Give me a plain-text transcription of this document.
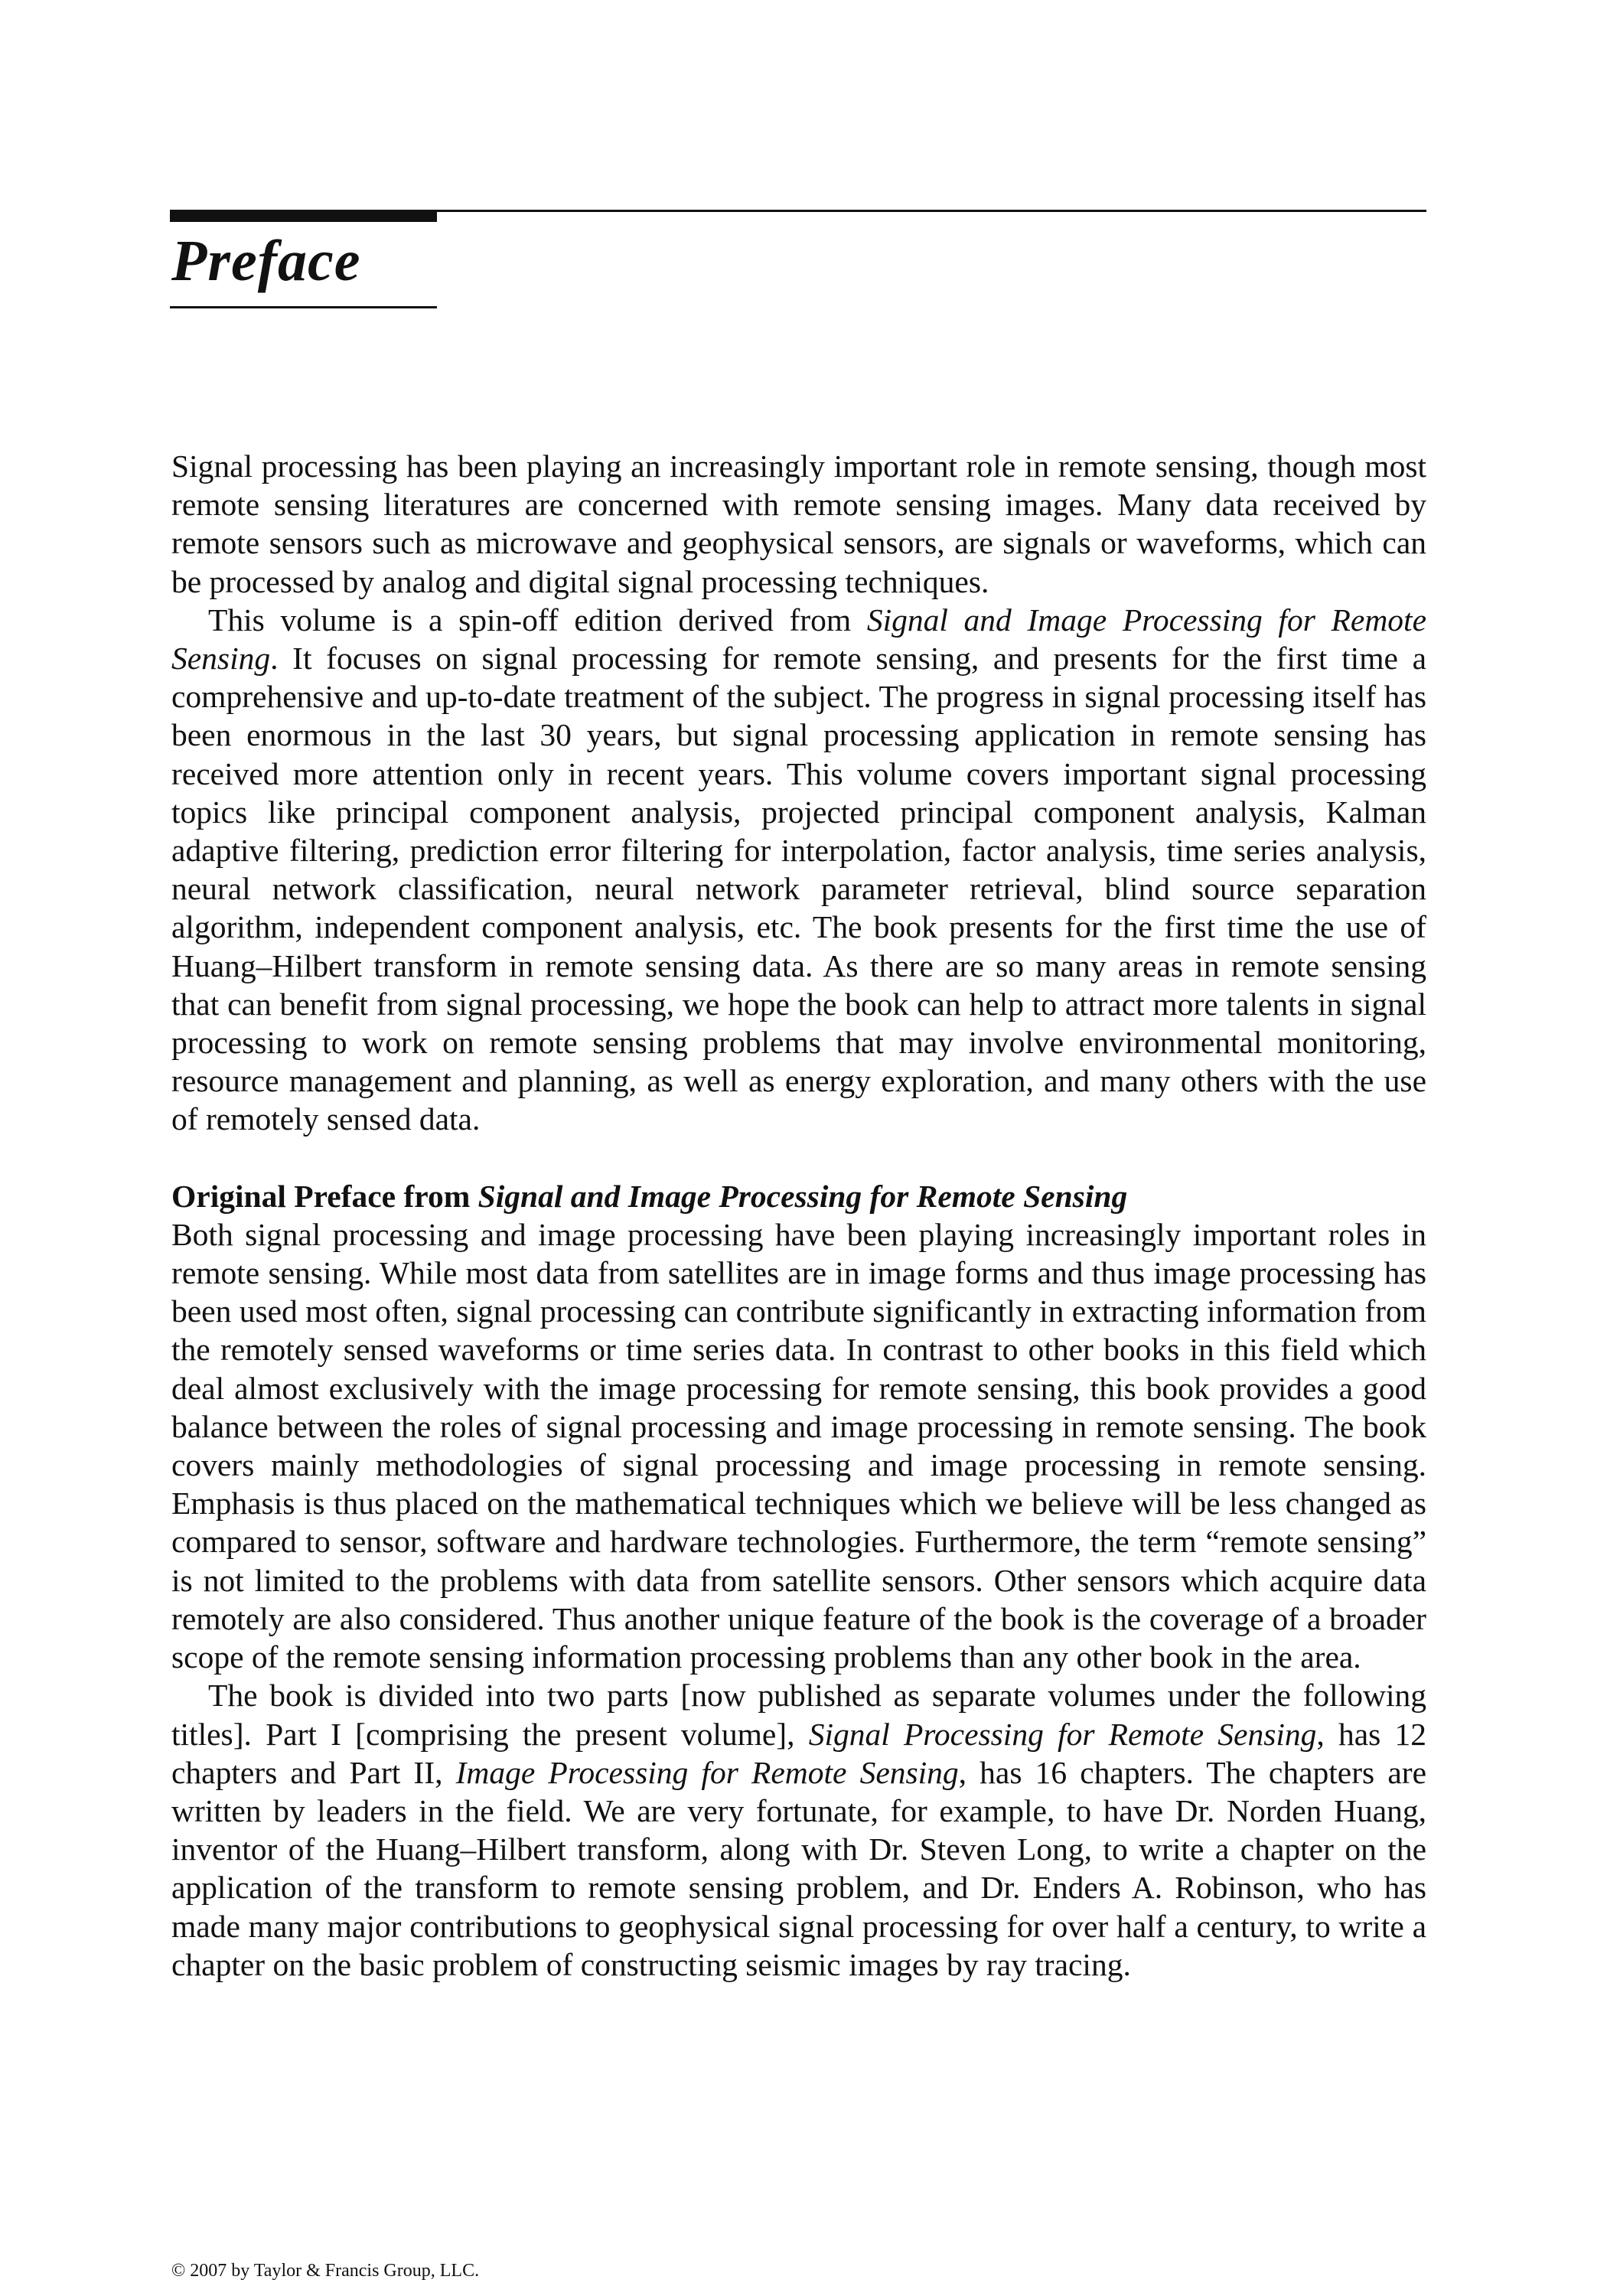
Preface

Signal processing has been playing an increasingly important role in remote sensing, though most remote sensing literatures are concerned with remote sensing images. Many data received by remote sensors such as microwave and geophysical sensors, are signals or waveforms, which can be processed by analog and digital signal processing techniques.

This volume is a spin-off edition derived from Signal and Image Processing for Remote Sensing. It focuses on signal processing for remote sensing, and presents for the first time a comprehensive and up-to-date treatment of the subject. The progress in signal processing itself has been enormous in the last 30 years, but signal processing application in remote sensing has received more attention only in recent years. This volume covers important signal processing topics like principal component analysis, projected principal component analysis, Kalman adaptive filtering, prediction error filtering for interpolation, factor analysis, time series analysis, neural network classification, neural network parameter retrieval, blind source separation algorithm, independent component analysis, etc. The book presents for the first time the use of Huang–Hilbert transform in remote sensing data. As there are so many areas in remote sensing that can benefit from signal processing, we hope the book can help to attract more talents in signal processing to work on remote sensing problems that may involve environmental monitoring, resource management and planning, as well as energy exploration, and many others with the use of remotely sensed data.

Original Preface from Signal and Image Processing for Remote Sensing

Both signal processing and image processing have been playing increasingly important roles in remote sensing. While most data from satellites are in image forms and thus image processing has been used most often, signal processing can contribute significantly in extracting information from the remotely sensed waveforms or time series data. In contrast to other books in this field which deal almost exclusively with the image processing for remote sensing, this book provides a good balance between the roles of signal processing and image processing in remote sensing. The book covers mainly methodologies of signal processing and image processing in remote sensing. Emphasis is thus placed on the mathematical techniques which we believe will be less changed as compared to sensor, software and hardware technologies. Furthermore, the term “remote sensing” is not limited to the problems with data from satellite sensors. Other sensors which acquire data remotely are also considered. Thus another unique feature of the book is the coverage of a broader scope of the remote sensing information processing problems than any other book in the area.

The book is divided into two parts [now published as separate volumes under the following titles]. Part I [comprising the present volume], Signal Processing for Remote Sensing, has 12 chapters and Part II, Image Processing for Remote Sensing, has 16 chapters. The chapters are written by leaders in the field. We are very fortunate, for example, to have Dr. Norden Huang, inventor of the Huang–Hilbert transform, along with Dr. Steven Long, to write a chapter on the application of the transform to remote sensing problem, and Dr. Enders A. Robinson, who has made many major contributions to geophysical signal processing for over half a century, to write a chapter on the basic problem of constructing seismic images by ray tracing.

© 2007 by Taylor & Francis Group, LLC.
